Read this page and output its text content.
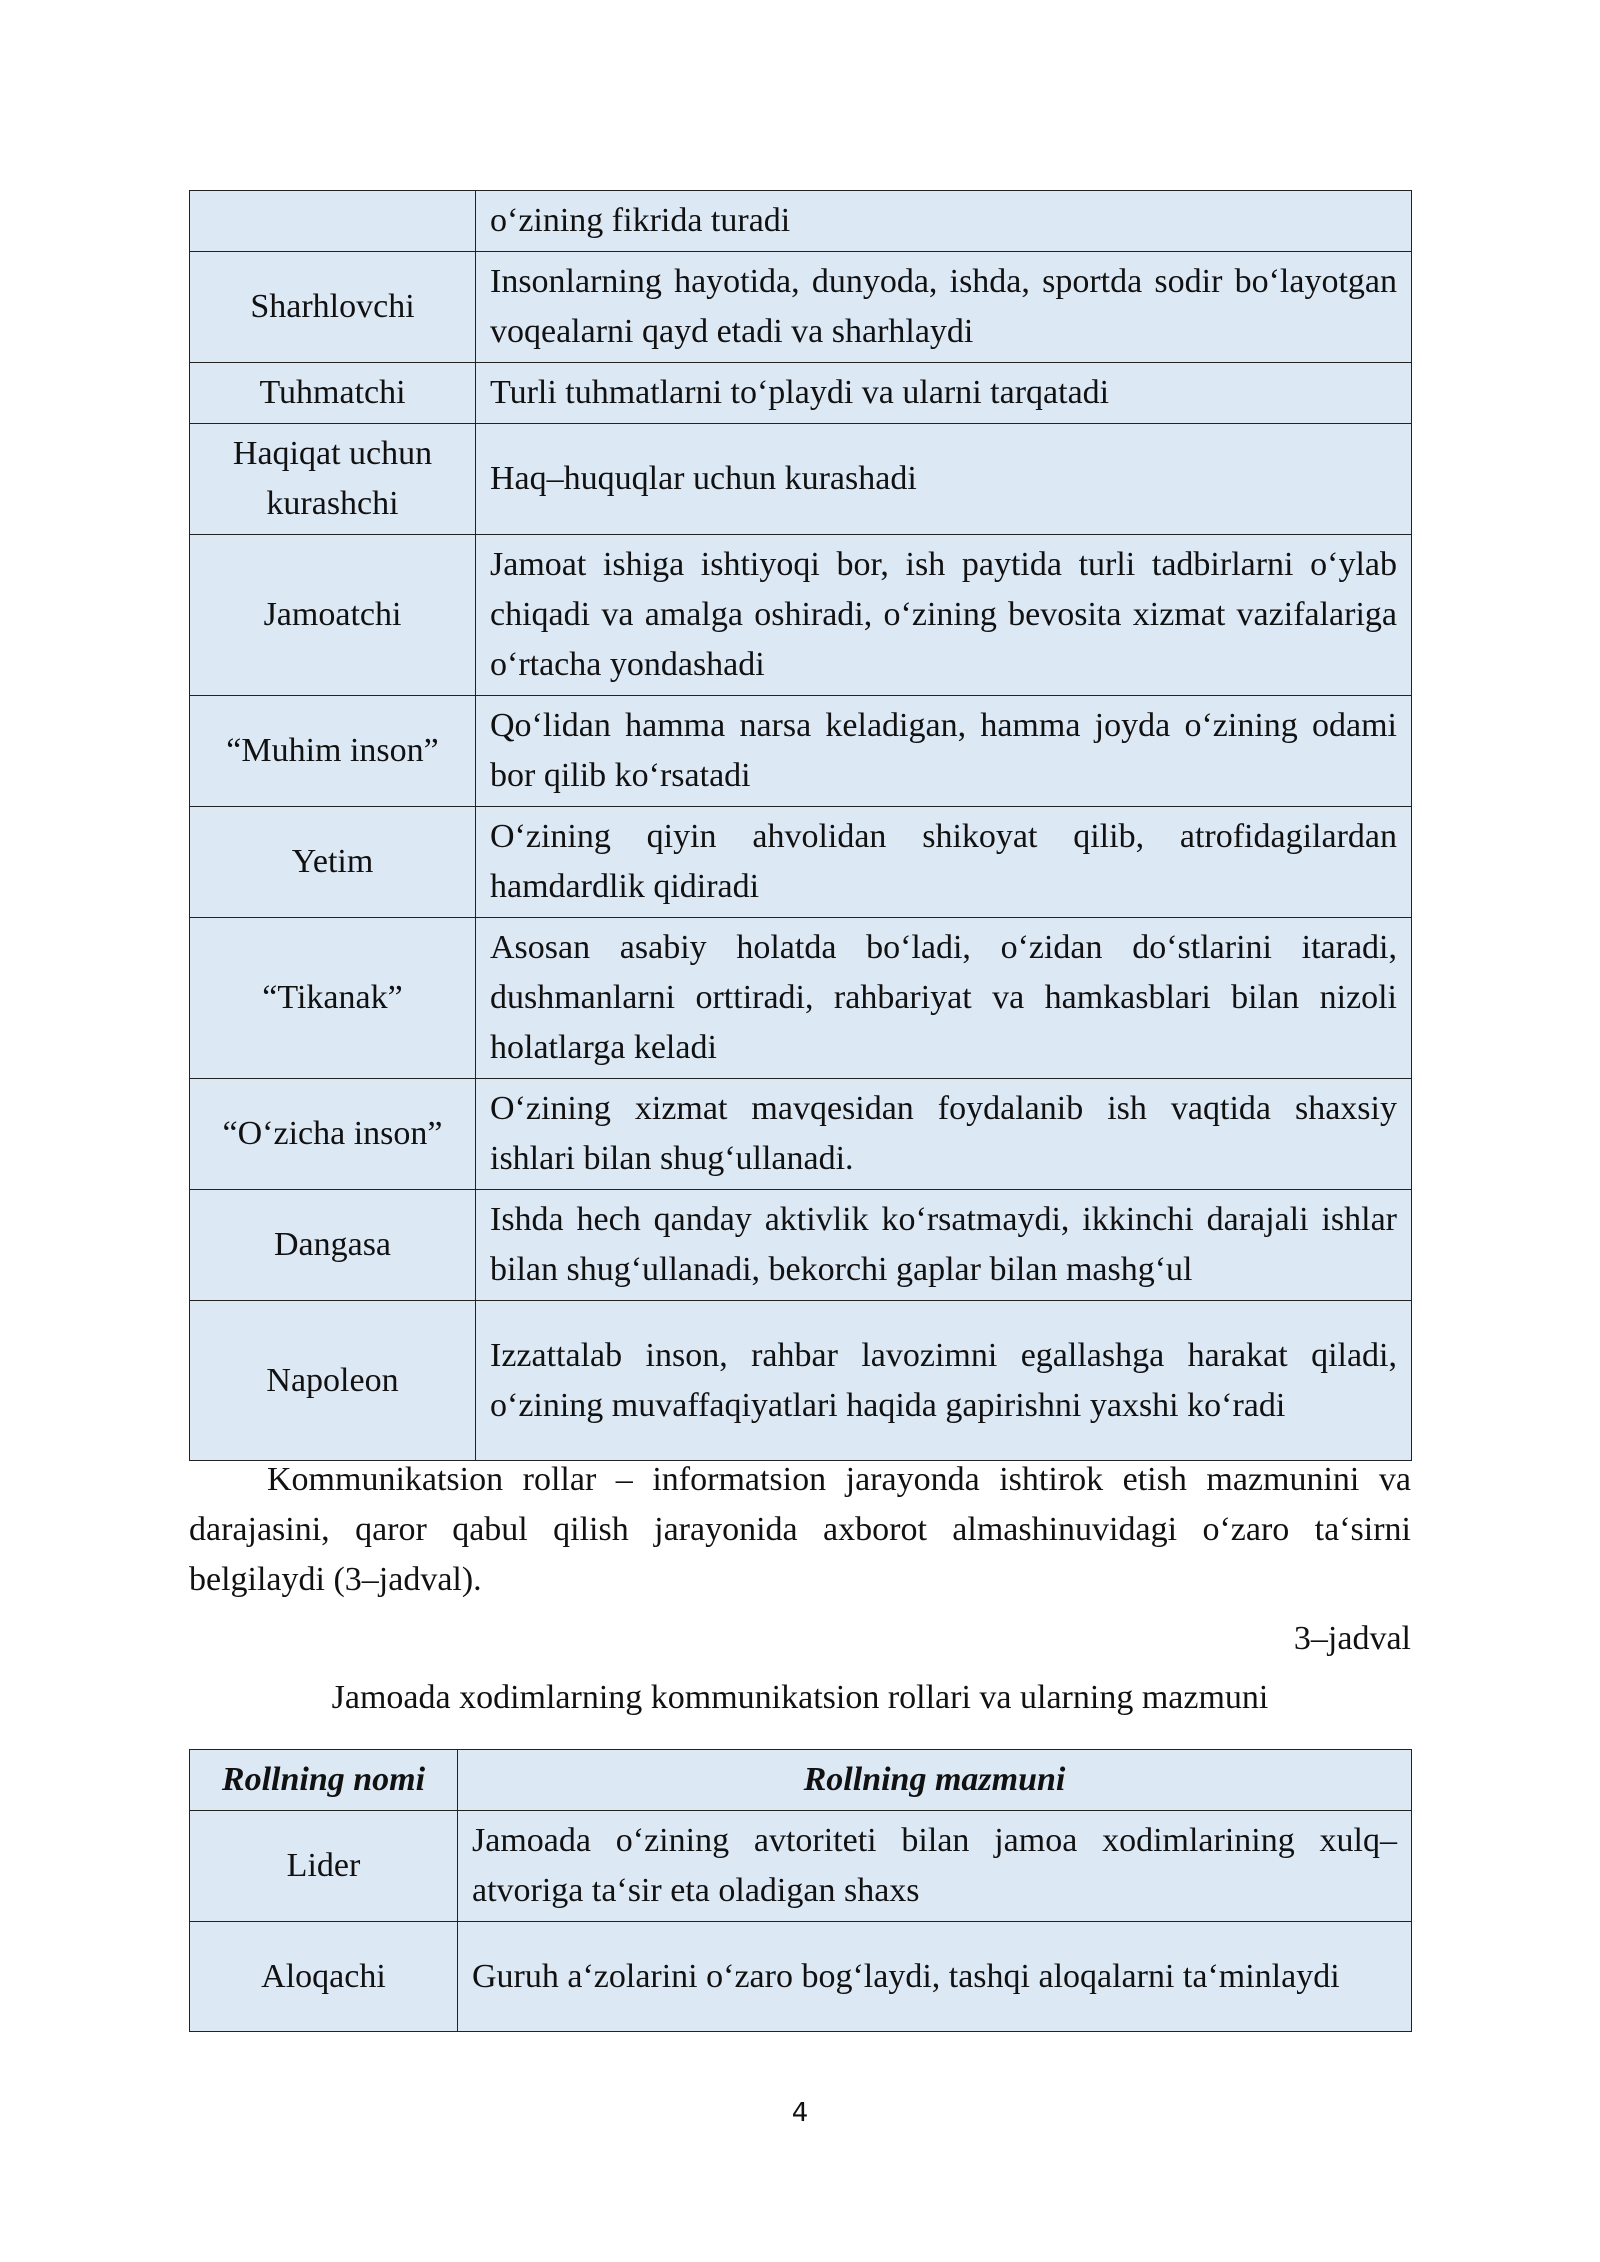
	o‘zining fikrida turadi
Sharhlovchi	Insonlarning hayotida, dunyoda, ishda, sportda sodir bo‘layotgan voqealarni qayd etadi va sharhlaydi
Tuhmatchi	Turli tuhmatlarni to‘playdi va ularni tarqatadi
Haqiqat uchun kurashchi	Haq–huquqlar uchun kurashadi
Jamoatchi	Jamoat ishiga ishtiyoqi bor, ish paytida turli tadbirlarni o‘ylab chiqadi va amalga oshiradi, o‘zining bevosita xizmat vazifalariga o‘rtacha yondashadi
“Muhim inson”	Qo‘lidan hamma narsa keladigan, hamma joyda o‘zining odami bor qilib ko‘rsatadi
Yetim	O‘zining qiyin ahvolidan shikoyat qilib, atrofidagilardan hamdardlik qidiradi
“Tikanak”	Asosan asabiy holatda bo‘ladi, o‘zidan do‘stlarini itaradi, dushmanlarni orttiradi, rahbariyat va hamkasblari bilan nizoli holatlarga keladi
“O‘zicha inson”	O‘zining xizmat mavqesidan foydalanib ish vaqtida shaxsiy ishlari bilan shug‘ullanadi.
Dangasa	Ishda hech qanday aktivlik ko‘rsatmaydi, ikkinchi darajali ishlar bilan shug‘ullanadi, bekorchi gaplar bilan mashg‘ul
Napoleon	Izzattalab inson, rahbar lavozimni egallashga harakat qiladi, o‘zining muvaffaqiyatlari haqida gapirishni yaxshi ko‘radi

Kommunikatsion rollar – informatsion jarayonda ishtirok etish mazmunini va darajasini, qaror qabul qilish jarayonida axborot almashinuvidagi o‘zaro ta‘sirni belgilaydi (3–jadval).

3–jadval
Jamoada xodimlarning kommunikatsion rollari va ularning mazmuni
Rollning nomi	Rollning mazmuni
Lider	Jamoada o‘zining avtoriteti bilan jamoa xodimlarining xulq–atvoriga ta‘sir eta oladigan shaxs
Aloqachi	Guruh a‘zolarini o‘zaro bog‘laydi, tashqi aloqalarni ta‘minlaydi
4
